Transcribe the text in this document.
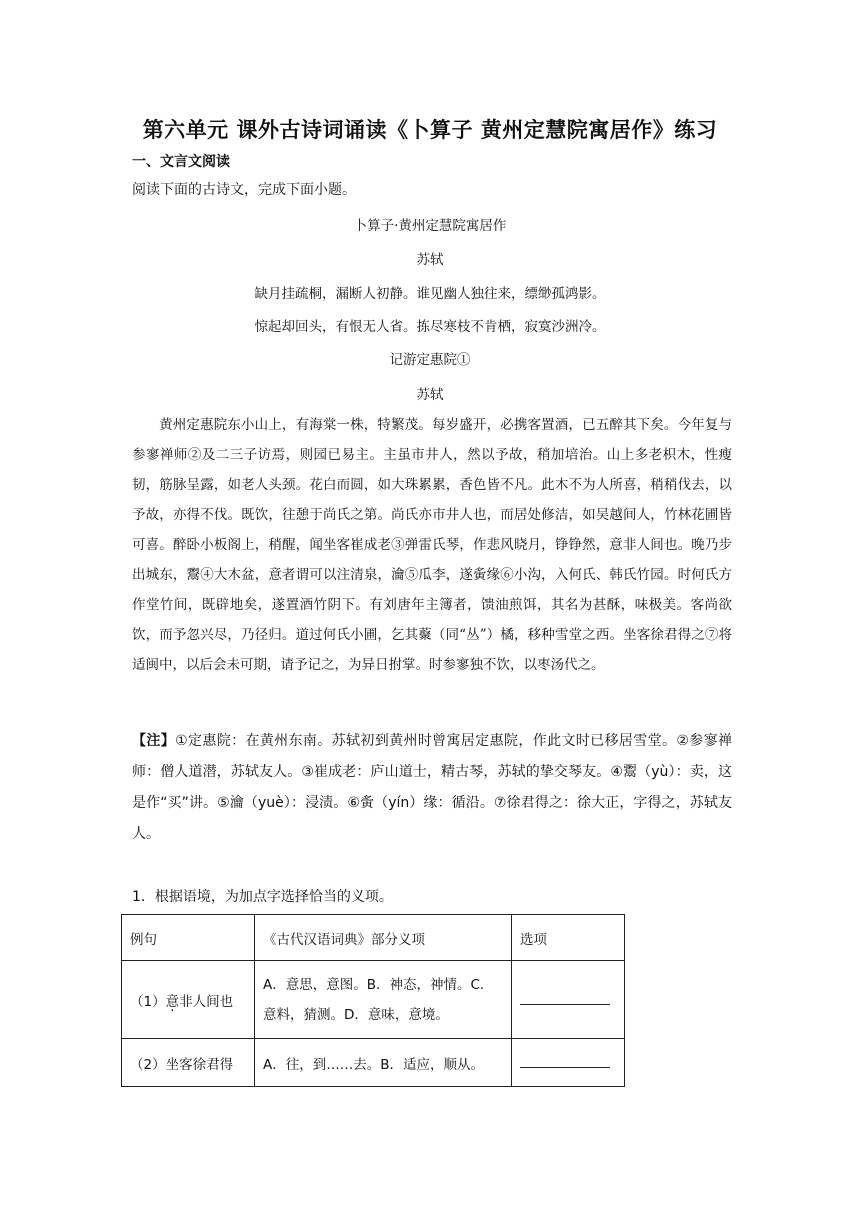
第六单元 课外古诗词诵读《卜算子 黄州定慧院寓居作》练习
一、文言文阅读
阅读下面的古诗文，完成下面小题。
卜算子·黄州定慧院寓居作
苏轼
缺月挂疏桐，漏断人初静。谁见幽人独往来，缥缈孤鸿影。
惊起却回头，有恨无人省。拣尽寒枝不肯栖，寂寞沙洲冷。
记游定惠院①
苏轼
黄州定惠院东小山上，有海棠一株，特繁茂。每岁盛开，必携客置酒，已五醉其下矣。今年复与参寥禅师②及二三子访焉，则园已易主。主虽市井人，然以予故，稍加培治。山上多老枳木，性瘦韧，筋脉呈露，如老人头颈。花白而圆，如大珠累累，香色皆不凡。此木不为人所喜，稍稍伐去，以予故，亦得不伐。既饮，往憩于尚氏之第。尚氏亦市井人也，而居处修洁，如吴越间人，竹林花圃皆可喜。醉卧小板阁上，稍醒，闻坐客崔成老③弹雷氏琴，作悲风晓月，铮铮然，意非人间也。晚乃步出城东，鬻④大木盆，意者谓可以注清泉，瀹⑤瓜李，遂夤缘⑥小沟，入何氏、韩氏竹园。时何氏方作堂竹间，既辟地矣，遂置酒竹阴下。有刘唐年主簿者，馈油煎饵，其名为甚酥，味极美。客尚欲饮，而予忽兴尽，乃径归。道过何氏小圃，乞其藂（同“丛”）橘，移种雪堂之西。坐客徐君得之⑦将适闽中，以后会未可期，请予记之，为异日拊掌。时参寥独不饮，以枣汤代之。
【注】①定惠院：在黄州东南。苏轼初到黄州时曾寓居定惠院，作此文时已移居雪堂。②参寥禅师：僧人道潜，苏轼友人。③崔成老：庐山道士，精古琴，苏轼的挚交琴友。④鬻（yù）：卖，这是作“买”讲。⑤瀹（yuè）：浸渍。⑥夤（yín）缘：循沿。⑦徐君得之：徐大正，字得之，苏轼友人。
1．根据语境，为加点字选择恰当的义项。
例句	《古代汉语词典》部分义项	选项
（1）意非人间也	A．意思，意图。B．神态，神情。C．意料，猜测。D．意味，意境。	
（2）坐客徐君得	A．往，到……去。B．适应，顺从。	
